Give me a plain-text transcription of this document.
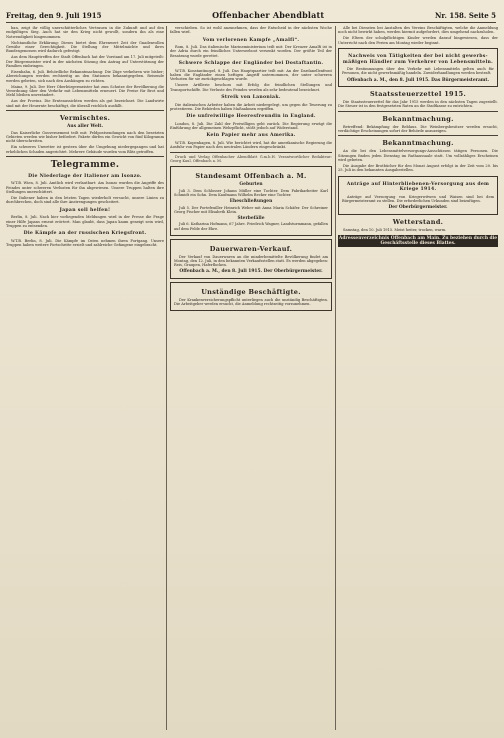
Freitag, den 9. Juli 1915	Offenbacher Abendblatt	Nr. 158. Seite 5

ban, zeigt ihr völlig unerschütterliches Vertrauen in die Zukunft und auf den endgültigen Sieg. Auch hat sie den Krieg nicht gewollt, sondern ihn als eine Notwendigkeit hingenommen.

Nichtamtliche Erklärung: Dieses bietet dem Ehrenwert Zeit der Gnadenvollen Gewähr einer Gerechtigkeit. Die Stellung der Mittelmächte und ihres Bundesgenossen wird dadurch gefestigt.

Aus dem Haupttreffen der Stadt Offenbach hat der Vorstand am 17. Juli mitgeteilt: Der Bürgermeister wird in der nächsten Sitzung den Antrag auf Unterstützung der Familien einbringen.

Eisenbahn, 6. Juli. Behördliche Bekanntmachung: Die Züge verkehren wie bisher; Abweichungen werden rechtzeitig an den Stationen bekanntgegeben. Reisende werden gebeten, sich nach den Aushängen zu richten.

Mainz, 9. Juli. Der Herr Oberbürgermeister hat zum Schutze der Bevölkerung die Verordnung über den Verkehr mit Lebensmitteln erneuert. Die Preise für Brot und Mehl bleiben unverändert.

Aus der Provinz. Die Ernteaussichten werden als gut bezeichnet. Die Landwirte sind mit der Heuernte beschäftigt, die überall reichlich ausfällt.

Vermischtes.
Aus aller Welt.

Das Kaiserliche Gouvernement teilt mit: Feldpostsendungen nach den besetzten Gebieten werden wie bisher befördert. Pakete dürfen ein Gewicht von fünf Kilogramm nicht überschreiten.

Ein schweres Unwetter ist gestern über die Umgebung niedergegangen und hat erheblichen Schaden angerichtet. Mehrere Gebäude wurden vom Blitz getroffen.

Telegramme.
Die Niederlage der Italiener am Isonzo.

W.T.B. Wien, 8. Juli. Amtlich wird verlautbart: Am Isonzo wurden die Angriffe des Feindes unter schweren Verlusten für ihn abgewiesen. Unsere Truppen halten ihre Stellungen unerschüttert.

Die Italiener haben in den letzten Tagen wiederholt versucht, unsere Linien zu durchbrechen, doch sind alle ihre Anstrengungen gescheitert.

Japan soll helfen!

Berlin, 8. Juli. Nach hier vorliegenden Meldungen wird in der Presse die Frage einer Hilfe Japans erneut erörtert. Man glaubt, dass Japan kaum geneigt sein wird, Truppen zu entsenden.

Die Kämpfe an der russischen Kriegsfront.

W.T.B. Berlin, 8. Juli. Die Kämpfe im Osten nehmen ihren Fortgang. Unsere Truppen haben weitere Fortschritte erzielt und zahlreiche Gefangene eingebracht.

verschieben. So ist wohl anzunehmen, dass der Entscheid in der nächsten Woche fallen wird.

Vom verlorenen Kampfe „Amalfi“.

Rom, 8. Juli. Das italienische Marineministerium teilt mit: Der Kreuzer Amalfi ist in der Adria durch ein feindliches Unterseeboot versenkt worden. Der größte Teil der Besatzung wurde gerettet.

Schwere Schlappe der Engländer bei Dostaftantin.

W.T.B. Konstantinopel, 8. Juli. Das Hauptquartier teilt mit: An der Dardanellenfront haben die Engländer einen heftigen Angriff unternommen, der unter schweren Verlusten für sie zurückgeschlagen wurde.

Unsere Artillerie beschoss mit Erfolg die feindlichen Stellungen und Transportschiffe. Die Verluste des Feindes werden als sehr bedeutend bezeichnet.

Streik von Lanoniak.

Die italienischen Arbeiter haben die Arbeit niedergelegt, um gegen die Teuerung zu protestieren. Die Behörden haben Maßnahmen ergriffen.

Die unfreiwillige Heeresfreundin in England.

London, 8. Juli. Die Zahl der Freiwilligen geht zurück. Die Regierung erwägt die Einführung der allgemeinen Wehrpflicht, stößt jedoch auf Widerstand.

Kein Papier mehr aus Amerika.

W.T.B. Kopenhagen, 8. Juli. Wie berichtet wird, hat die amerikanische Regierung die Ausfuhr von Papier nach den neutralen Ländern eingeschränkt.

Druck und Verlag Offenbacher Abendblatt G.m.b.H. Verantwortlicher Redakteur: Georg Kaul, Offenbach a. M.

Standesamt Offenbach a. M.
Geburten

Juli 3. Dem Schlosser Johann Müller eine Tochter. Dem Fabrikarbeiter Karl Schmidt ein Sohn. Dem Kaufmann Wilhelm Becker eine Tochter.

Eheschließungen

Juli 5. Der Portefeuiller Heinrich Weber mit Anna Maria Schäfer. Der Schreiner Georg Fischer mit Elisabeth Klein.

Sterbefälle

Juli 6. Katharina Hofmann, 67 Jahre. Friedrich Wagner, Landsturmmann, gefallen auf dem Felde der Ehre.

Dauerwaren-Verkauf.

Der Verkauf von Dauerwaren an die minderbemittelte Bevölkerung findet am Montag, den 12. Juli, in den bekannten Verkaufsstellen statt. Es werden abgegeben: Reis, Graupen, Haferflocken.

Offenbach a. M., den 8. Juli 1915. Der Oberbürgermeister.
Unständige Beschäftigte.

Der Krankenversicherungspflicht unterliegen auch die unständig Beschäftigten. Die Arbeitgeber werden ersucht, die Anmeldung rechtzeitig vorzunehmen.

Alle bei Diensten bei Anstalten des Vereins Beschäftigten, welche die Anmeldung noch nicht bewirkt haben, werden hiermit aufgefordert, dies umgehend nachzuholen.

Die Eltern der schulpflichtigen Kinder werden darauf hingewiesen, dass der Unterricht nach den Ferien am Montag wieder beginnt.

Nachweis von Tätigkeiten der bei nicht gewerbs-mäßigen Händler zum Verkehrer von Lebensmitteln.

Die Bestimmungen über den Verkehr mit Lebensmitteln gelten auch für Personen, die nicht gewerbsmäßig handeln. Zuwiderhandlungen werden bestraft.

Offenbach a. M., den 8. Juli 1915. Das Bürgermeisteramt.
Staatssteuerzettel 1915.

Die Staatssteuerzettel für das Jahr 1915 werden in den nächsten Tagen zugestellt. Die Steuer ist in den festgesetzten Raten an die Stadtkasse zu entrichten.

Bekanntmachung.

Betreffend: Bekämpfung der Reblaus. Die Weinbergsbesitzer werden ersucht, verdächtige Erscheinungen sofort der Behörde anzuzeigen.

Bekanntmachung.

An die bei den Lebensmittelversorgungs-Ausschüssen tätigen Personen. Die Sitzungen finden jeden Dienstag im Rathaussaale statt. Um vollzähliges Erscheinen wird gebeten.

Die Ausgabe der Brotbücher für den Monat August erfolgt in der Zeit vom 20. bis 25. Juli in den bekannten Ausgabestellen.

Anträge auf Hinterbliebenen-Versorgung aus dem Kriege 1914.

Anträge auf Versorgung von Kriegerwitwen und Waisen sind bei dem Bürgermeisteramt zu stellen. Die erforderlichen Urkunden sind beizufügen.

Der Oberbürgermeister.
Wetterstand.

Samstag, den 10. Juli 1915. Meist heiter, trocken, warm.

Adressenverzeichnis Offenbach am Main. Zu beziehen durch die Geschäftsstelle dieses Blattes.
